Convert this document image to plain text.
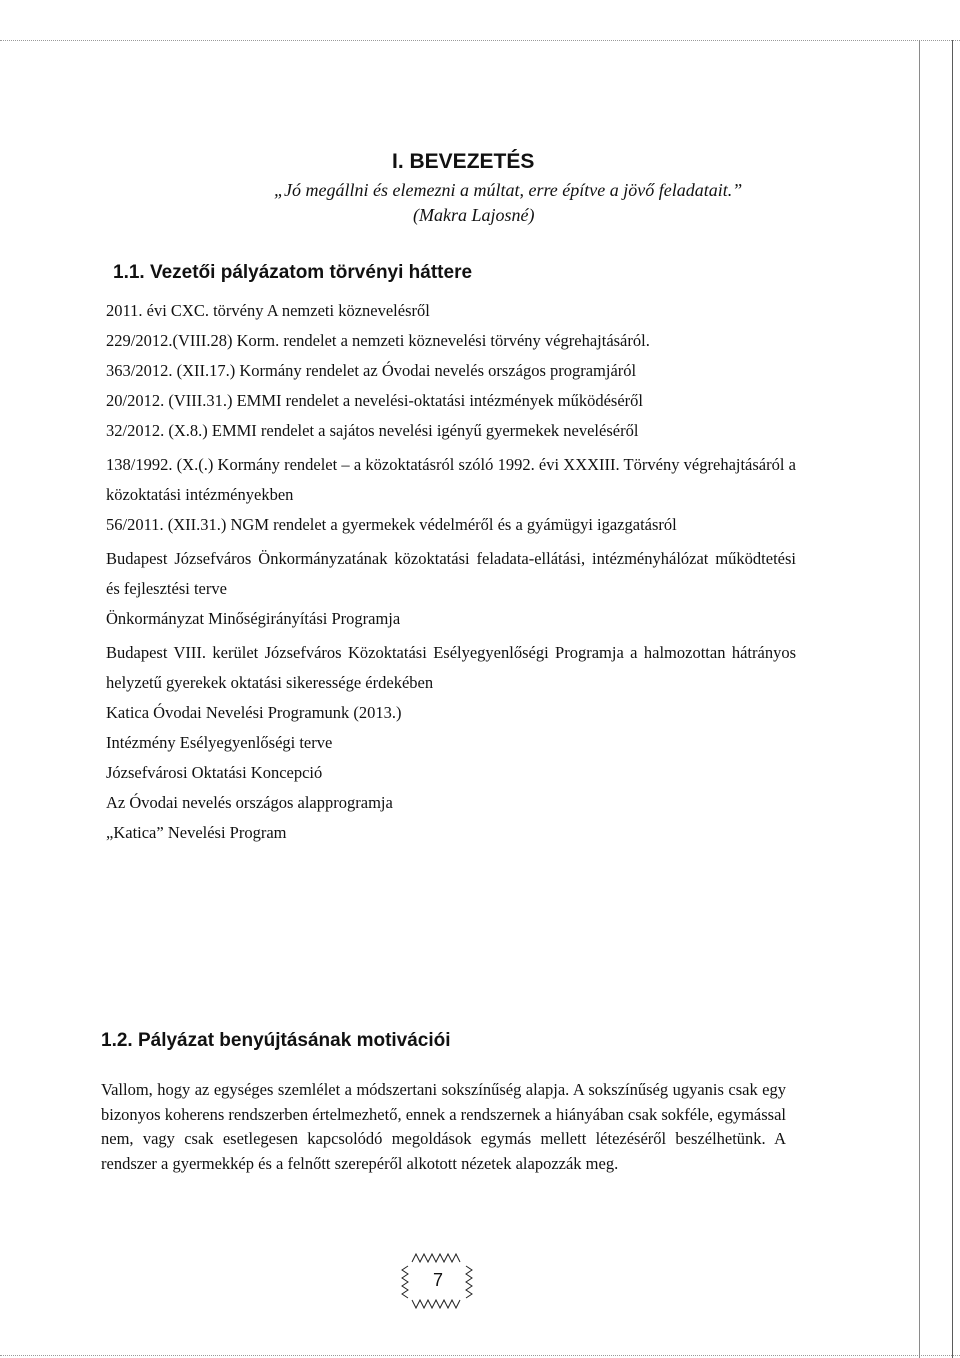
I. BEVEZETÉS
„Jó megállni és elemezni a múltat, erre építve a jövő feladatait.”
(Makra Lajosné)
1.1. Vezetői pályázatom törvényi háttere
2011. évi CXC. törvény A nemzeti köznevelésről
229/2012.(VIII.28) Korm. rendelet a nemzeti köznevelési törvény végrehajtásáról.
363/2012. (XII.17.) Kormány rendelet az Óvodai nevelés országos programjáról
20/2012. (VIII.31.) EMMI rendelet a nevelési-oktatási intézmények működéséről
32/2012. (X.8.) EMMI rendelet a sajátos nevelési igényű gyermekek neveléséről
138/1992. (X.(.) Kormány rendelet – a közoktatásról szóló 1992. évi XXXIII. Törvény végrehajtásáról a közoktatási intézményekben
56/2011. (XII.31.) NGM rendelet a gyermekek védelméről és a gyámügyi igazgatásról
Budapest Józsefváros Önkormányzatának közoktatási feladata-ellátási, intézményhálózat működtetési és fejlesztési terve
Önkormányzat Minőségirányítási Programja
Budapest VIII. kerület Józsefváros Közoktatási Esélyegyenlőségi Programja a halmozottan hátrányos helyzetű gyerekek oktatási sikeressége érdekében
Katica Óvodai Nevelési Programunk (2013.)
Intézmény Esélyegyenlőségi terve
Józsefvárosi Oktatási Koncepció
Az Óvodai nevelés országos alapprogramja
„Katica” Nevelési Program
1.2. Pályázat benyújtásának motivációi

Vallom, hogy az egységes szemlélet a módszertani sokszínűség alapja. A sokszínűség ugyanis csak egy bizonyos koherens rendszerben értelmezhető, ennek a rendszernek a hiányában csak sokféle, egymással nem, vagy csak esetlegesen kapcsolódó megoldások egymás mellett létezéséről beszélhetünk. A rendszer a gyermekkép és a felnőtt szerepéről alkotott nézetek alapozzák meg.

7
